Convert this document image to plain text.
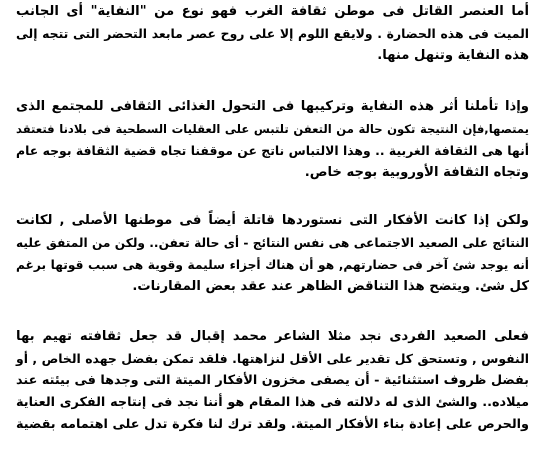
أما العنصر القاتل فى موطن ثقافة الغرب فهو نوع من "النفاية" أى الجانب
الميت فى هذه الحضارة . ولايقع اللوم إلا على روح عصر مابعد التحضر التى تتجه إلى
هذه النفاية وتنهل منها.
وإذا تأملنا أثر هذه النفاية وتركيبها فى التحول الغذائى الثقافى للمجتمع الذى
يمتصها,فإن النتيجة تكون حالة من التعفن تلتبس على العقليات السطحية فى بلادنا فتعتقد
أنها هى الثقافة الغربية .. وهذا الالتباس ناتج عن موقفنا تجاه قضية الثقافة بوجه عام
وتجاه الثقافة الأوروبية بوجه خاص.
ولكن إذا كانت الأفكار التى نستوردها قاتلة أيضاً فى موطنها الأصلى , لكانت
النتائج على الصعيد الاجتماعى هى نفس النتائج - أى حالة تعفن.. ولكن من المتفق عليه
أنه يوجد شئ آخر فى حضارتهم, هو أن هناك أجزاء سليمة وقوية هى سبب قوتها برغم
كل شئ. ويتضح هذا التناقض الظاهر عند عقد بعض المقارنات.
فعلى الصعيد الفردى نجد مثلا الشاعر محمد إقبال قد جعل ثقافته تهيم بها
النفوس , وتستحق كل تقدير على الأقل لنزاهتها. فلقد تمكن بفضل جهده الخاص , أو
بفضل ظروف استثنائية - أن يصفى مخزون الأفكار الميتة التى وجدها فى بيئته عند
ميلاده.. والشئ الذى له دلالته فى هذا المقام هو أننا نجد فى إنتاجه الفكرى العناية
والحرص على إعادة بناء الأفكار الميتة. ولقد ترك لنا فكرة تدل على اهتمامه بقضية
